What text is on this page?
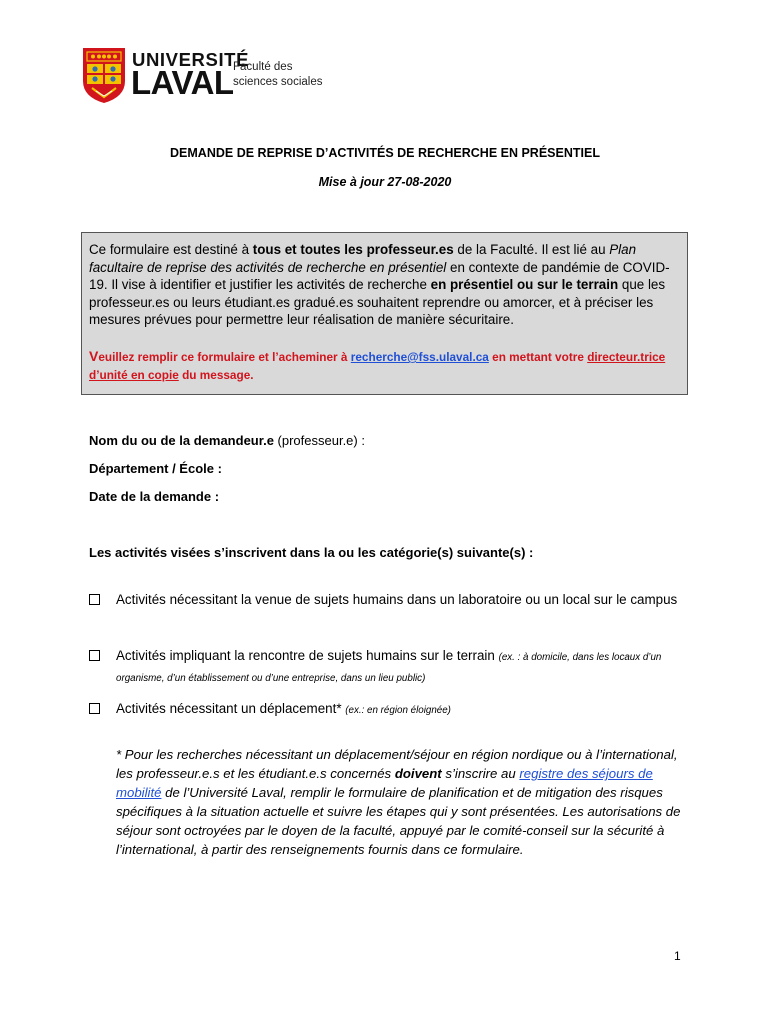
UNIVERSITÉ
LAVAL Faculté des
sciences sociales
DEMANDE DE REPRISE D’ACTIVITÉS DE RECHERCHE EN PRÉSENTIEL
Mise à jour 27-08-2020
Ce formulaire est destiné à tous et toutes les professeur.es de la Faculté. Il est lié au Plan facultaire de reprise des activités de recherche en présentiel en contexte de pandémie de COVID-19. Il vise à identifier et justifier les activités de recherche en présentiel ou sur le terrain que les professeur.es ou leurs étudiant.es gradué.es souhaitent reprendre ou amorcer, et à préciser les mesures prévues pour permettre leur réalisation de manière sécuritaire.
Veuillez remplir ce formulaire et l’acheminer à recherche@fss.ulaval.ca en mettant votre directeur.trice d’unité en copie du message.
Nom du ou de la demandeur.e (professeur.e) :
Département / École :
Date de la demande :
Les activités visées s’inscrivent dans la ou les catégorie(s) suivante(s) :
Activités nécessitant la venue de sujets humains dans un laboratoire ou un local sur le campus
Activités impliquant la rencontre de sujets humains sur le terrain (ex. : à domicile, dans les locaux d’un organisme, d’un établissement ou d’une entreprise, dans un lieu public)
Activités nécessitant un déplacement* (ex.: en région éloignée)
* Pour les recherches nécessitant un déplacement/séjour en région nordique ou à l’international, les professeur.e.s et les étudiant.e.s concernés doivent s’inscrire au registre des séjours de mobilité de l’Université Laval, remplir le formulaire de planification et de mitigation des risques spécifiques à la situation actuelle et suivre les étapes qui y sont présentées. Les autorisations de séjour sont octroyées par le doyen de la faculté, appuyé par le comité-conseil sur la sécurité à l’international, à partir des renseignements fournis dans ce formulaire.
1
